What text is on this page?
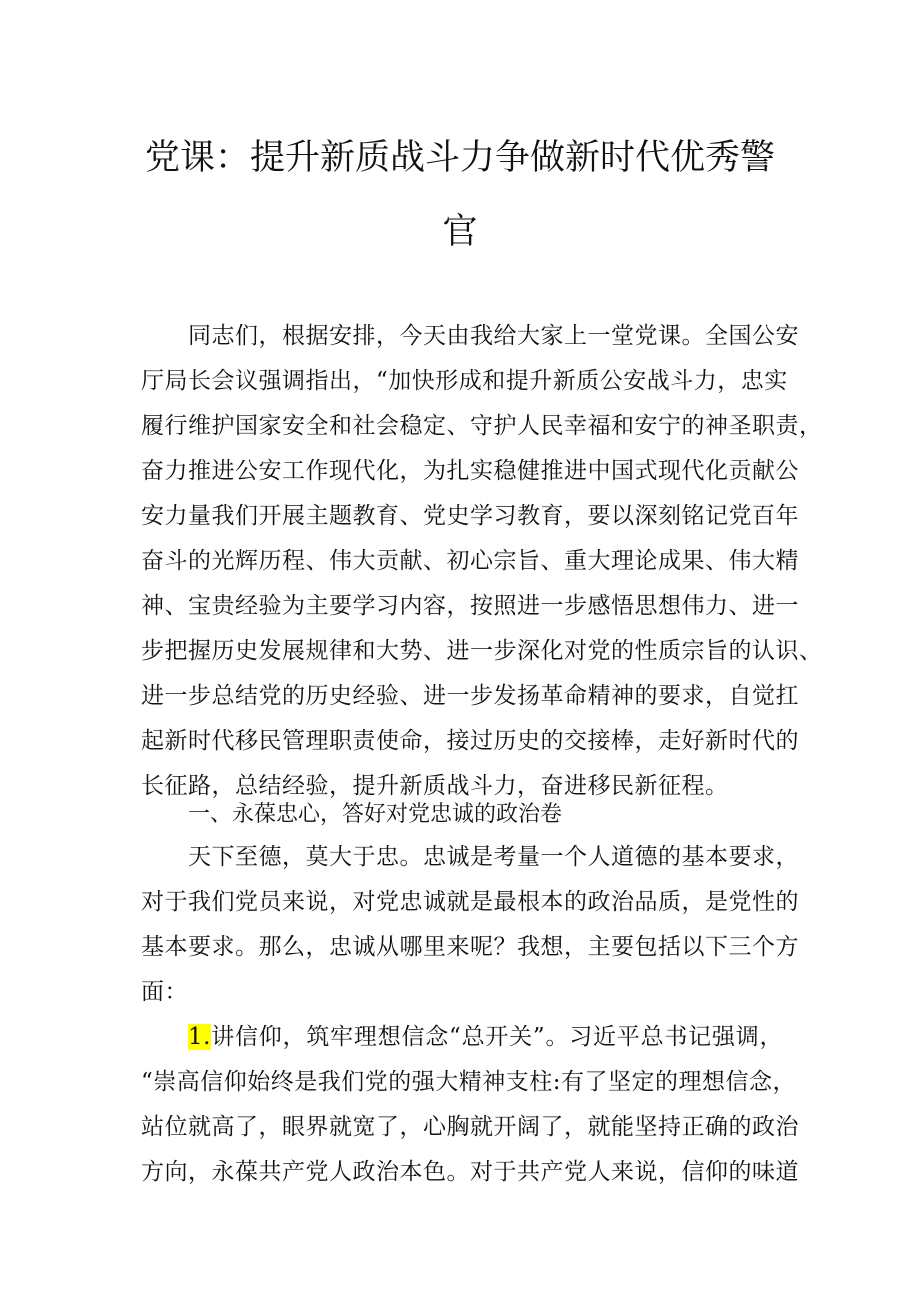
党课：提升新质战斗力争做新时代优秀警
官
同志们，根据安排，今天由我给大家上一堂党课。全国公安
厅局长会议强调指出，“加快形成和提升新质公安战斗力，忠实
履行维护国家安全和社会稳定、守护人民幸福和安宁的神圣职责，
奋力推进公安工作现代化，为扎实稳健推进中国式现代化贡献公
安力量我们开展主题教育、党史学习教育，要以深刻铭记党百年
奋斗的光辉历程、伟大贡献、初心宗旨、重大理论成果、伟大精
神、宝贵经验为主要学习内容，按照进一步感悟思想伟力、进一
步把握历史发展规律和大势、进一步深化对党的性质宗旨的认识、
进一步总结党的历史经验、进一步发扬革命精神的要求，自觉扛
起新时代移民管理职责使命，接过历史的交接棒，走好新时代的
长征路，总结经验，提升新质战斗力，奋进移民新征程。
一、永葆忠心，答好对党忠诚的政治卷
天下至德，莫大于忠。忠诚是考量一个人道德的基本要求，
对于我们党员来说，对党忠诚就是最根本的政治品质，是党性的
基本要求。那么，忠诚从哪里来呢？我想，主要包括以下三个方
面：
1.讲信仰，筑牢理想信念“总开关”。习近平总书记强调，
“崇高信仰始终是我们党的强大精神支柱:有了坚定的理想信念，
站位就高了，眼界就宽了，心胸就开阔了，就能坚持正确的政治
方向，永葆共产党人政治本色。对于共产党人来说，信仰的味道
